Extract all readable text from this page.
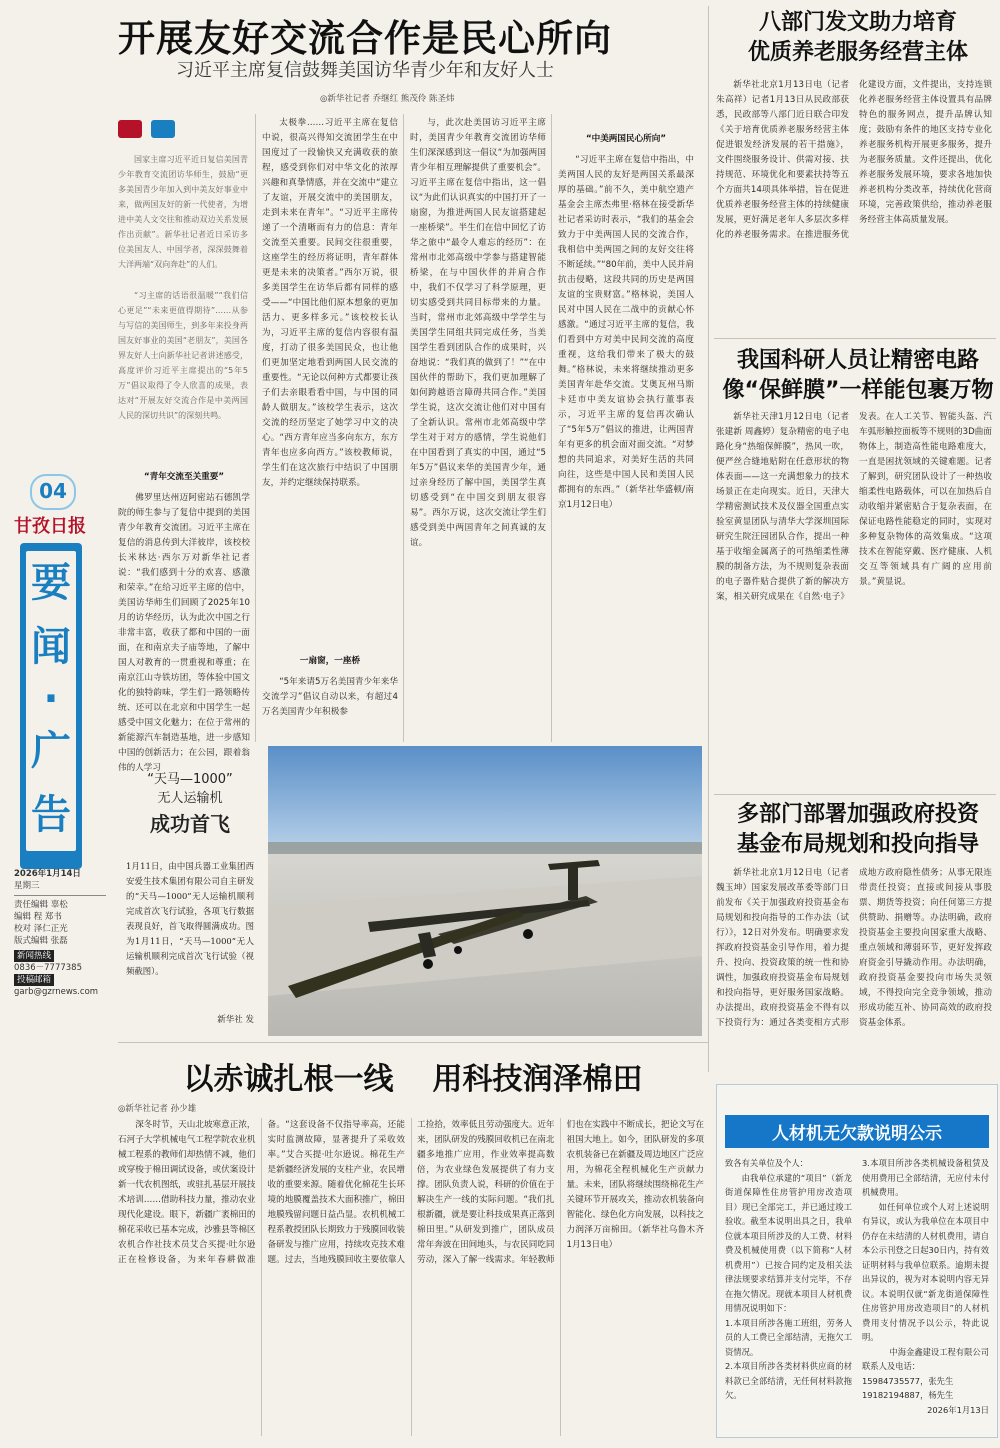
国家主席习近平近日复信美国青少年教育交流团访华师生，鼓励“更多美国青少年加入到中美友好事业中来，做两国友好的新一代使者，为增进中美人文交往和推动双边关系发展作出贡献”。新华社记者近日采访多位美国友人、中国学者，深深鼓舞着大洋两端“双向奔赴”的人们。

“习主席的话语很温暖”“我们信心更足”“未来更值得期待”……从参与写信的美国师生，到多年来投身两国友好事业的美国“老朋友”，美国各界友好人士向新华社记者讲述感受，高度评价习近平主席提出的“5年5万”倡议取得了令人欣喜的成果，表达对“开展友好交流合作是中美两国人民的深切共识”的深刻共鸣。

04
甘孜日报
要
闻
·
广
告
2026年1月14日
星期三
责任编辑 辜松
编辑 程 郑书
校对 泽仁正光
版式编辑 张磊
新闻热线
0836－7777385
投稿邮箱
garb@gzrnews.com
开展友好交流合作是民心所向
习近平主席复信鼓舞美国访华青少年和友好人士
◎新华社记者 乔继红 熊茂伶 陈圣炜
“青年交流至关重要”

佛罗里达州迈阿密站石德凯学院的师生参与了复信中提到的美国青少年教育交流团。习近平主席在复信的消息传到大洋彼岸，该校校长米林达·西尔万对新华社记者说：“我们感到十分的欢喜、感激和荣幸。”在给习近平主席的信中，美国访华师生们回顾了2025年10月的访华经历，认为此次中国之行非常丰富，收获了都和中国的一面面，在和南京夫子庙等地，了解中国人对教育的一贯重视和尊重；在南京江山寺铁坊团，等体验中国文化的独特韵味，学生们一路领略传统、还可以在北京和中国学生一起感受中国文化魅力；在位于常州的新能源汽车制造基地，进一步感知中国的创新活力；在公园，跟着翁伟的人学习

太极拳……习近平主席在复信中说，很高兴得知交流团学生在中国度过了一段愉快又充满收获的旅程，感受到你们对中华文化的浓厚兴趣和真挚情感，并在交流中“建立了友谊，开展交流中的美国朋友，走到未来在青年”。“习近平主席传递了一个清晰而有力的信息：青年交流至关重要。民间交往很重要，这座学生的经历将证明，青年群体更是未来的决策者。”西尔万说，很多美国学生在访华后都有同样的感受——“中国比他们原本想象的更加活力、更多样多元。”该校校长认为，习近平主席的复信内容很有温度，打动了很多美国民众，也让他们更加坚定地看到两国人民交流的重要性。“无论以何种方式都要让孩子们去亲眼看看中国，与中国的同龄人做朋友。”该校学生表示，这次交流的经历坚定了她学习中文的决心。“西方青年应当多向东方，东方青年也应多向西方。”该校教师说，学生们在这次旅行中结识了中国朋友，并约定继续保持联系。

一扇窗，一座桥

“5年来请5万名美国青少年来华交流学习”倡议自动以来，有超过4万名美国青少年积极参

与，此次赴美国访习近平主席时，美国青少年教育交流团访华师生们深深感到这一倡议“为加强两国青少年相互理解提供了重要机会”。习近平主席在复信中指出，这一倡议“为此们认识真实的中国打开了一扇窗，为推进两国人民友谊搭建起一座桥梁”。半生们在信中回忆了访华之旅中“最令人难忘的经历”：在常州市北郊高级中学参与搭建智能桥梁，在与中国伙伴的并肩合作中，我们不仅学习了科学原理，更切实感受到共同目标带来的力量。当时，常州市北郊高级中学学生与美国学生同组共同完成任务，当美国学生看到团队合作的成果时，兴奋地说：“我们真的做到了！”“在中国伙伴的帮助下，我们更加理解了如何跨越语言障碍共同合作。”美国学生说，这次交流让他们对中国有了全新认识。常州市北郊高级中学学生对于对方的感情，学生说他们在中国看到了真实的中国，通过“5年5万”倡议来华的美国青少年，通过亲身经历了解中国，美国学生真切感受到“在中国交到朋友很容易”。西尔万说，这次交流让学生们感受到美中两国青年之间真诚的友谊。

“中美两国民心所向”

“习近平主席在复信中指出，中美两国人民的友好是两国关系最深厚的基础。”前不久，美中航空遗产基金会主席杰弗里·格林在接受新华社记者采访时表示，“我们的基金会致力于中美两国人民的交流合作，我相信中美两国之间的友好交往将不断延续。”“80年前，美中人民并肩抗击侵略，这段共同的历史是两国友谊的宝贵财富。”格林说，美国人民对中国人民在二战中的贡献心怀感激。“通过习近平主席的复信，我们看到中方对美中民间交流的高度重视，这给我们带来了极大的鼓舞。”格林说，未来将继续推动更多美国青年赴华交流。艾奥瓦州马斯卡廷市中美友谊协会执行董事表示，习近平主席的复信再次确认了“5年5万”倡议的推进，让两国青年有更多的机会面对面交流。“对梦想的共同追求，对美好生活的共同向往，这些是中国人民和美国人民都拥有的东西。”（新华社华盛顿/南京1月12日电）

“天马—1000”
无人运输机
成功首飞
1月11日，由中国兵器工业集团西安爱生技术集团有限公司自主研发的“天马—1000”无人运输机顺利完成首次飞行试验，各项飞行数据表现良好，首飞取得圆满成功。图为1月11日，“天马—1000”无人运输机顺利完成首次飞行试验（视频截图）。
新华社 发
八部门发文助力培育
优质养老服务经营主体

新华社北京1月13日电（记者 朱高祥）记者1月13日从民政部获悉，民政部等八部门近日联合印发《关于培育优质养老服务经营主体 促进银发经济发展的若干措施》，文件围绕服务设计、供需对接、扶持规范、环境优化和要素扶持等五个方面共14项具体举措，旨在促进优质养老服务经营主体的持续健康发展，更好满足老年人多层次多样化的养老服务需求。在推进服务优化建设方面，文件提出，支持连锁化养老服务经营主体设置具有品牌特色的服务网点，提升品牌认知度；鼓励有条件的地区支持专业化养老服务机构开展更多服务，提升为老服务质量。文件还提出，优化养老服务发展环境，要求各地加快养老机构分类改革，持续优化营商环境，完善政策供给，推动养老服务经营主体高质量发展。

我国科研人员让精密电路
像“保鲜膜”一样能包裹万物

新华社天津1月12日电（记者 张建新 周鑫婷）复杂精密的电子电路化身“热缩保鲜膜”，热风一吹，便严丝合缝地贴附在任意形状的物体表面——这一充满想象力的技术场景正在走向现实。近日，天津大学精密测试技术及仪器全国重点实验室黄显团队与清华大学深圳国际研究生院汪园团队合作，提出一种基于收缩金属离子的可热缩柔性薄膜的制备方法，为不规则复杂表面的电子器件贴合提供了新的解决方案，相关研究成果在《自然·电子》发表。在人工关节、智能头盔、汽车弧形触控面板等不规则的3D曲面物体上，制造高性能电路难度大，一直是困扰领域的关键难题。记者了解到，研究团队设计了一种热收缩柔性电路载体，可以在加热后自动收缩并紧密贴合于复杂表面，在保证电路性能稳定的同时，实现对多种复杂物体的高效集成。“这项技术在智能穿戴、医疗健康、人机交互等领域具有广阔的应用前景。”黄显说。

多部门部署加强政府投资
基金布局规划和投向指导

新华社北京1月12日电（记者 魏玉坤）国家发展改革委等部门日前发布《关于加强政府投资基金布局规划和投向指导的工作办法（试行）》，12日对外发布。明确要求发挥政府投资基金引导作用，着力提升、投向、投资政策的统一性和协调性，加强政府投资基金布局规划和投向指导，更好服务国家战略。办法提出，政府投资基金不得有以下投资行为：通过各类变相方式形成地方政府隐性债务；从事无限连带责任投资；直接或间接从事股票、期货等投资；向任何第三方提供赞助、捐赠等。办法明确，政府投资基金主要投向国家重大战略、重点领域和薄弱环节，更好发挥政府资金引导撬动作用。办法明确，政府投资基金要投向市场失灵领域，不得投向完全竞争领域，推动形成功能互补、协同高效的政府投资基金体系。

以赤诚扎根一线 用科技润泽棉田
◎新华社记者 孙少雄

深冬时节，天山北坡寒意正浓，石河子大学机械电气工程学院农业机械工程系的教师们却热情不减，他们或穿梭于棉田调试设备，或伏案设计新一代农机图纸，或驻扎基层开展技术培训……借助科技力量，推动农业现代化建设。眼下，新疆广袤棉田的棉花采收已基本完成，沙雅县等棉区农机合作社技术员艾合买提·吐尔逊正在检修设备，为来年春耕做准备。“这套设备不仅指导率高，还能实时监测故障，显著提升了采收效率。”艾合买提·吐尔逊说。棉花生产是新疆经济发展的支柱产业，农民增收的重要来源。随着优化棉花生长环境的地膜覆盖技术大面积推广，棉田地膜残留问题日益凸显。农机机械工程系教授团队长期致力于残膜回收装备研发与推广应用，持续攻克技术难题。过去，当地残膜回收主要依靠人工捡拾，效率低且劳动强度大。近年来，团队研发的残膜回收机已在南北疆多地推广应用，作业效率提高数倍，为农业绿色发展提供了有力支撑。团队负责人说，科研的价值在于解决生产一线的实际问题。“我们扎根新疆，就是要让科技成果真正落到棉田里。”从研发到推广，团队成员常年奔波在田间地头，与农民同吃同劳动，深入了解一线需求。年轻教师们也在实践中不断成长，把论文写在祖国大地上。如今，团队研发的多项农机装备已在新疆及周边地区广泛应用，为棉花全程机械化生产贡献力量。未来，团队将继续围绕棉花生产关键环节开展攻关，推动农机装备向智能化、绿色化方向发展，以科技之力润泽万亩棉田。（新华社乌鲁木齐1月13日电）

人材机无欠款说明公示
致各有关单位及个人：

由我单位承建的“项目”（新龙街道保障性住房管护用房改造项目）现已全部完工，并已通过竣工验收。截至本说明出具之日，我单位就本项目所涉及的人工费、材料费及机械使用费（以下简称“人材机费用”）已按合同约定及相关法律法规要求结算并支付完毕，不存在拖欠情况。现就本项目人材机费用情况说明如下：

1.本项目所涉各施工班组，劳务人员的人工费已全部结清，无拖欠工资情况。
2.本项目所涉各类材料供应商的材料款已全部结清，无任何材料款拖欠。
3.本项目所涉各类机械设备租赁及使用费用已全部结清，无应付未付机械费用。

如任何单位或个人对上述说明有异议，或认为我单位在本项目中仍存在未结清的人材机费用，请自本公示刊登之日起30日内，持有效证明材料与我单位联系。逾期未提出异议的，视为对本说明内容无异议。本说明仅就“新龙街道保障性住房管护用房改造项目”的人材机费用支付情况予以公示，特此说明。

中海金鑫建设工程有限公司
联系人及电话：
15984735577，张先生
19182194887，杨先生
2026年1月13日
